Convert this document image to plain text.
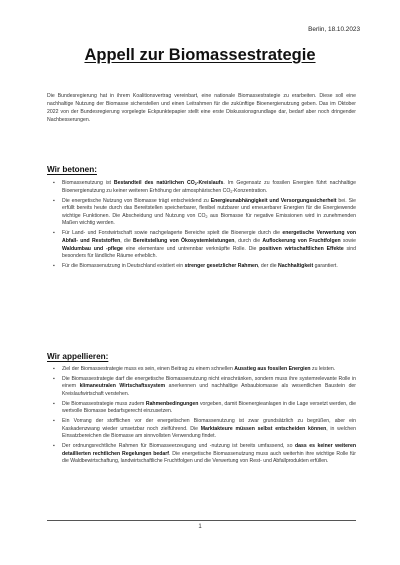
Berlin, 18.10.2023
Appell zur Biomassestrategie
Die Bundesregierung hat in ihrem Koalitionsvertrag vereinbart, eine nationale Biomassestrategie zu erarbeiten. Diese soll eine nachhaltige Nutzung der Biomasse sicherstellen und einen Leitrahmen für die zukünftige Bioenergienutzung geben. Das im Oktober 2022 von der Bundesregierung vorgelegte Eckpunktepapier stellt eine erste Diskussionsgrundlage dar, bedarf aber noch dringender Nachbesserungen.
Wir betonen:
▪ Biomassenutzung ist Bestandteil des natürlichen $CO_2$-Kreislaufs. Im Gegensatz zu fossilen Energien führt nachhaltige Bioenergienutzung zu keiner weiteren Erhöhung der atmosphärischen $CO_2$-Konzentration.
▪ Die energetische Nutzung von Biomasse trägt entscheidend zu Energieunabhängigkeit und Versorgungssicherheit bei. Sie erfüllt bereits heute durch das Bereitstellen speicherbarer, flexibel nutzbarer und erneuerbarer Energien für die Energiewende wichtige Funktionen. Die Abscheidung und Nutzung von $CO_2$ aus Biomasse für negative Emissionen wird in zunehmenden Maßen wichtig werden.
▪ Für Land- und Forstwirtschaft sowie nachgelagerte Bereiche spielt die Bioenergie durch die energetische Verwertung von Abfall- und Reststoffen, die Bereitstellung von Ökosystemleistungen, durch die Auflockerung von Fruchtfolgen sowie Waldumbau und -pflege eine elementare und untrennbar verknüpfte Rolle. Die positiven wirtschaftlichen Effekte sind besonders für ländliche Räume erheblich.
▪ Für die Biomassenutzung in Deutschland existiert ein strenger gesetzlicher Rahmen, der die Nachhaltigkeit garantiert.
Wir appellieren:
▪ Ziel der Biomassestrategie muss es sein, einen Beitrag zu einem schnellen Ausstieg aus fossilen Energien zu leisten.
▪ Die Biomassestrategie darf die energetische Biomassenutzung nicht einschränken, sondern muss ihre systemrelevante Rolle in einem klimaneutralen Wirtschaftssystem anerkennen und nachhaltige Anbaubiomasse als wesentlichen Baustein der Kreislaufwirtschaft verstehen.
▪ Die Biomassestrategie muss zudem Rahmenbedingungen vorgeben, damit Bioenergieanlagen in die Lage versetzt werden, die wertvolle Biomasse bedarfsgerecht einzusetzen.
▪ Ein Vorrang der stofflichen vor der energetischen Biomassenutzung ist zwar grundsätzlich zu begrüßen, aber ein Kaskadenzwang wieder umsetzbar noch zielführend. Die Marktakteure müssen selbst entscheiden können, in welchen Einsatzbereichen die Biomasse am sinnvollsten Verwendung findet.
▪ Der ordnungsrechtliche Rahmen für Biomasseerzeugung und -nutzung ist bereits umfassend, so dass es keiner weiteren detaillierten rechtlichen Regelungen bedarf. Die energetische Biomassenutzung muss auch weiterhin ihre wichtige Rolle für die Waldbewirtschaftung, landwirtschaftliche Fruchtfolgen und die Verwertung von Rest- und Abfallprodukten erfüllen.
1
